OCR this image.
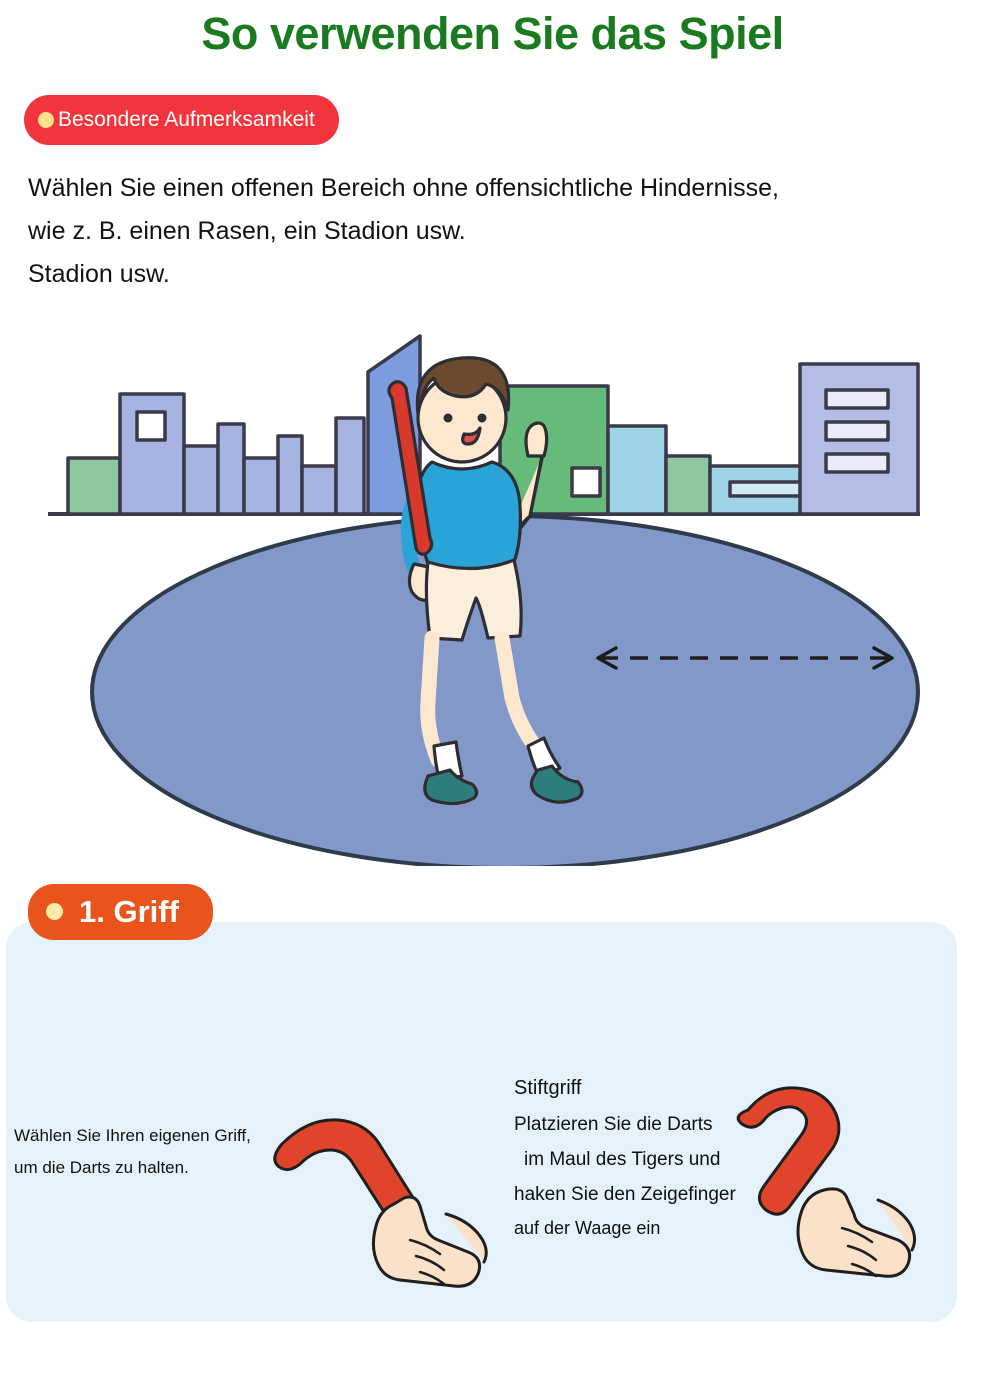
So verwenden Sie das Spiel
Besondere Aufmerksamkeit
Wählen Sie einen offenen Bereich ohne offensichtliche Hindernisse,
wie z. B. einen Rasen, ein Stadion usw.
Stadion usw.
1. Griff
Wählen Sie Ihren eigenen Griff,
um die Darts zu halten.
Stiftgriff
Platzieren Sie die Darts
im Maul des Tigers und
haken Sie den Zeigefinger
auf der Waage ein
